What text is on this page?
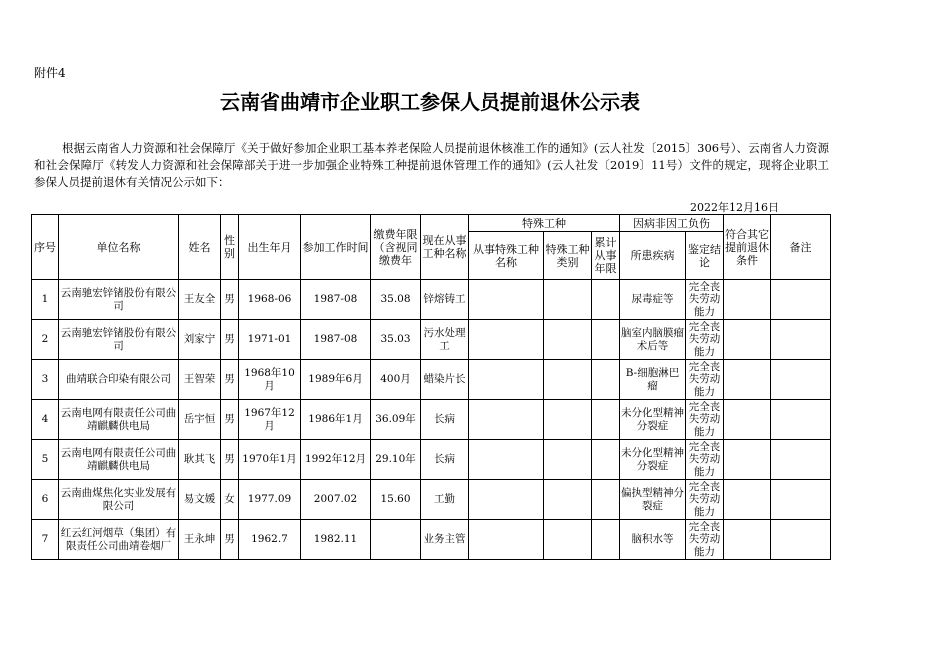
附件4
云南省曲靖市企业职工参保人员提前退休公示表
根据云南省人力资源和社会保障厅《关于做好参加企业职工基本养老保险人员提前退休核准工作的通知》(云人社发〔2015〕306号）、云南省人力资源和社会保障厅《转发人力资源和社会保障部关于进一步加强企业特殊工种提前退休管理工作的通知》(云人社发〔2019〕11号）文件的规定，现将企业职工参保人员提前退休有关情况公示如下：
2022年12月16日
序号	单位名称	姓名	性别	出生年月	参加工作时间	缴费年限（含视同缴费年	现在从事工种名称	特殊工种			因病非因工负伤		符合其它提前退休条件	备注
								从事特殊工种名称	特殊工种类别	累计从事年限	所患疾病	鉴定结论		
1	云南驰宏锌锗股份有限公司	王友全	男	1968-06	1987-08	35.08	锌熔铸工				尿毒症等	完全丧失劳动能力		
2	云南驰宏锌锗股份有限公司	刘家宁	男	1971-01	1987-08	35.03	污水处理工				脑室内脑膜瘤术后等	完全丧失劳动能力		
3	曲靖联合印染有限公司	王智荣	男	1968年10月	1989年6月	400月	蜡染片长				B-细胞淋巴瘤	完全丧失劳动能力		
4	云南电网有限责任公司曲靖麒麟供电局	岳宇恒	男	1967年12月	1986年1月	36.09年	长病				未分化型精神分裂症	完全丧失劳动能力		
5	云南电网有限责任公司曲靖麒麟供电局	耿其飞	男	1970年1月	1992年12月	29.10年	长病				未分化型精神分裂症	完全丧失劳动能力		
6	云南曲煤焦化实业发展有限公司	易文媛	女	1977.09	2007.02	15.60	工勤				偏执型精神分裂症	完全丧失劳动能力		
7	红云红河烟草（集团）有限责任公司曲靖卷烟厂	王永坤	男	1962.7	1982.11		业务主管				脑积水等	完全丧失劳动能力		
